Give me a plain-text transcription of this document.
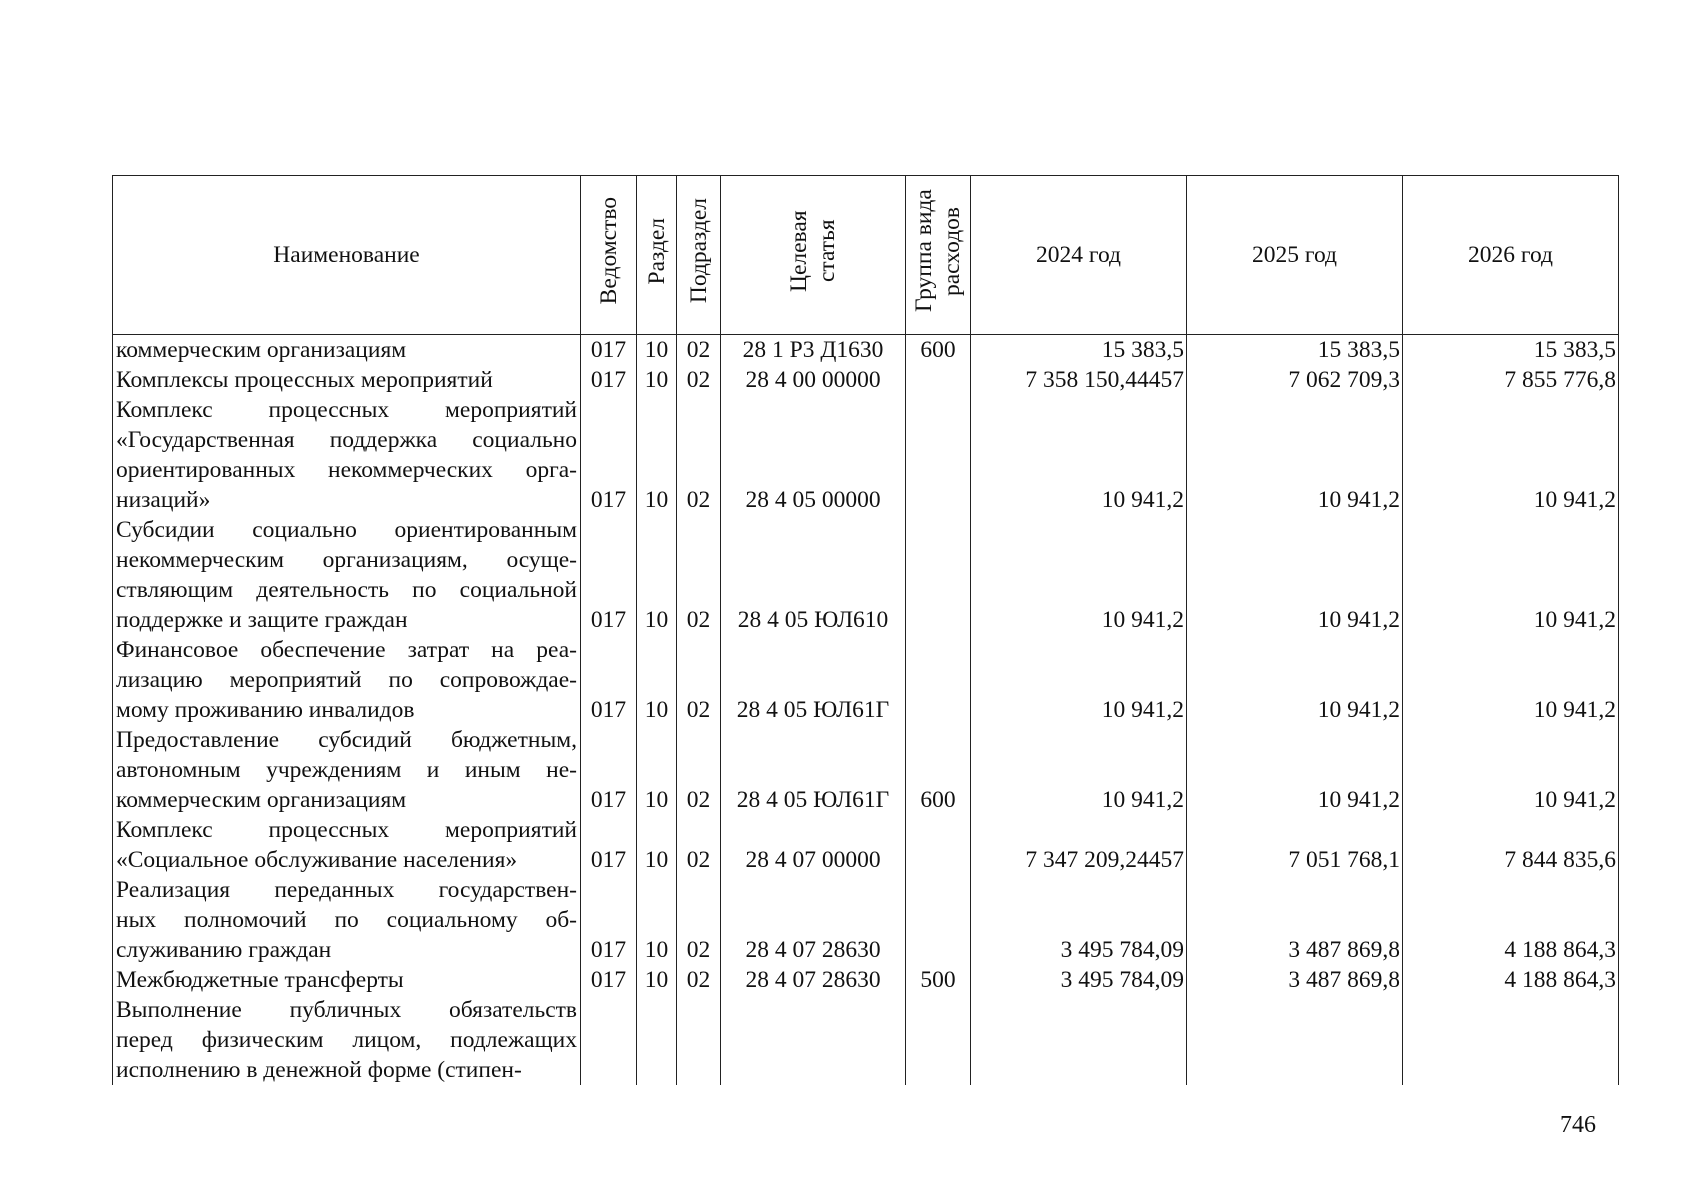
Наименование	Ведомство	Раздел	Подраздел	Целевая статья	Группа вида расходов	2024 год	2025 год	2026 год

коммерческим организациям	017	10	02	28 1 Р3 Д1630	600	15 383,5	15 383,5	15 383,5

Комплексы процессных мероприятий	017	10	02	28 4 00 00000		7 358 150,44457	7 062 709,3	7 855 776,8

Комплекс процессных мероприятий
«Государственная поддержка социально
ориентированных некоммерческих орга-
низаций»	017	10	02	28 4 05 00000		10 941,2	10 941,2	10 941,2

Субсидии социально ориентированным
некоммерческим организациям, осуще-
ствляющим деятельность по социальной
поддержке и защите граждан	017	10	02	28 4 05 ЮЛ610		10 941,2	10 941,2	10 941,2

Финансовое обеспечение затрат на реа-
лизацию мероприятий по сопровождае-
мому проживанию инвалидов	017	10	02	28 4 05 ЮЛ61Г		10 941,2	10 941,2	10 941,2

Предоставление субсидий бюджетным,
автономным учреждениям и иным не-
коммерческим организациям	017	10	02	28 4 05 ЮЛ61Г	600	10 941,2	10 941,2	10 941,2

Комплекс процессных мероприятий
«Социальное обслуживание населения»	017	10	02	28 4 07 00000		7 347 209,24457	7 051 768,1	7 844 835,6

Реализация переданных государствен-
ных полномочий по социальному об-
служиванию граждан	017	10	02	28 4 07 28630		3 495 784,09	3 487 869,8	4 188 864,3

Межбюджетные трансферты	017	10	02	28 4 07 28630	500	3 495 784,09	3 487 869,8	4 188 864,3

Выполнение публичных обязательств
перед физическим лицом, подлежащих
исполнению в денежной форме (стипен-								

746
